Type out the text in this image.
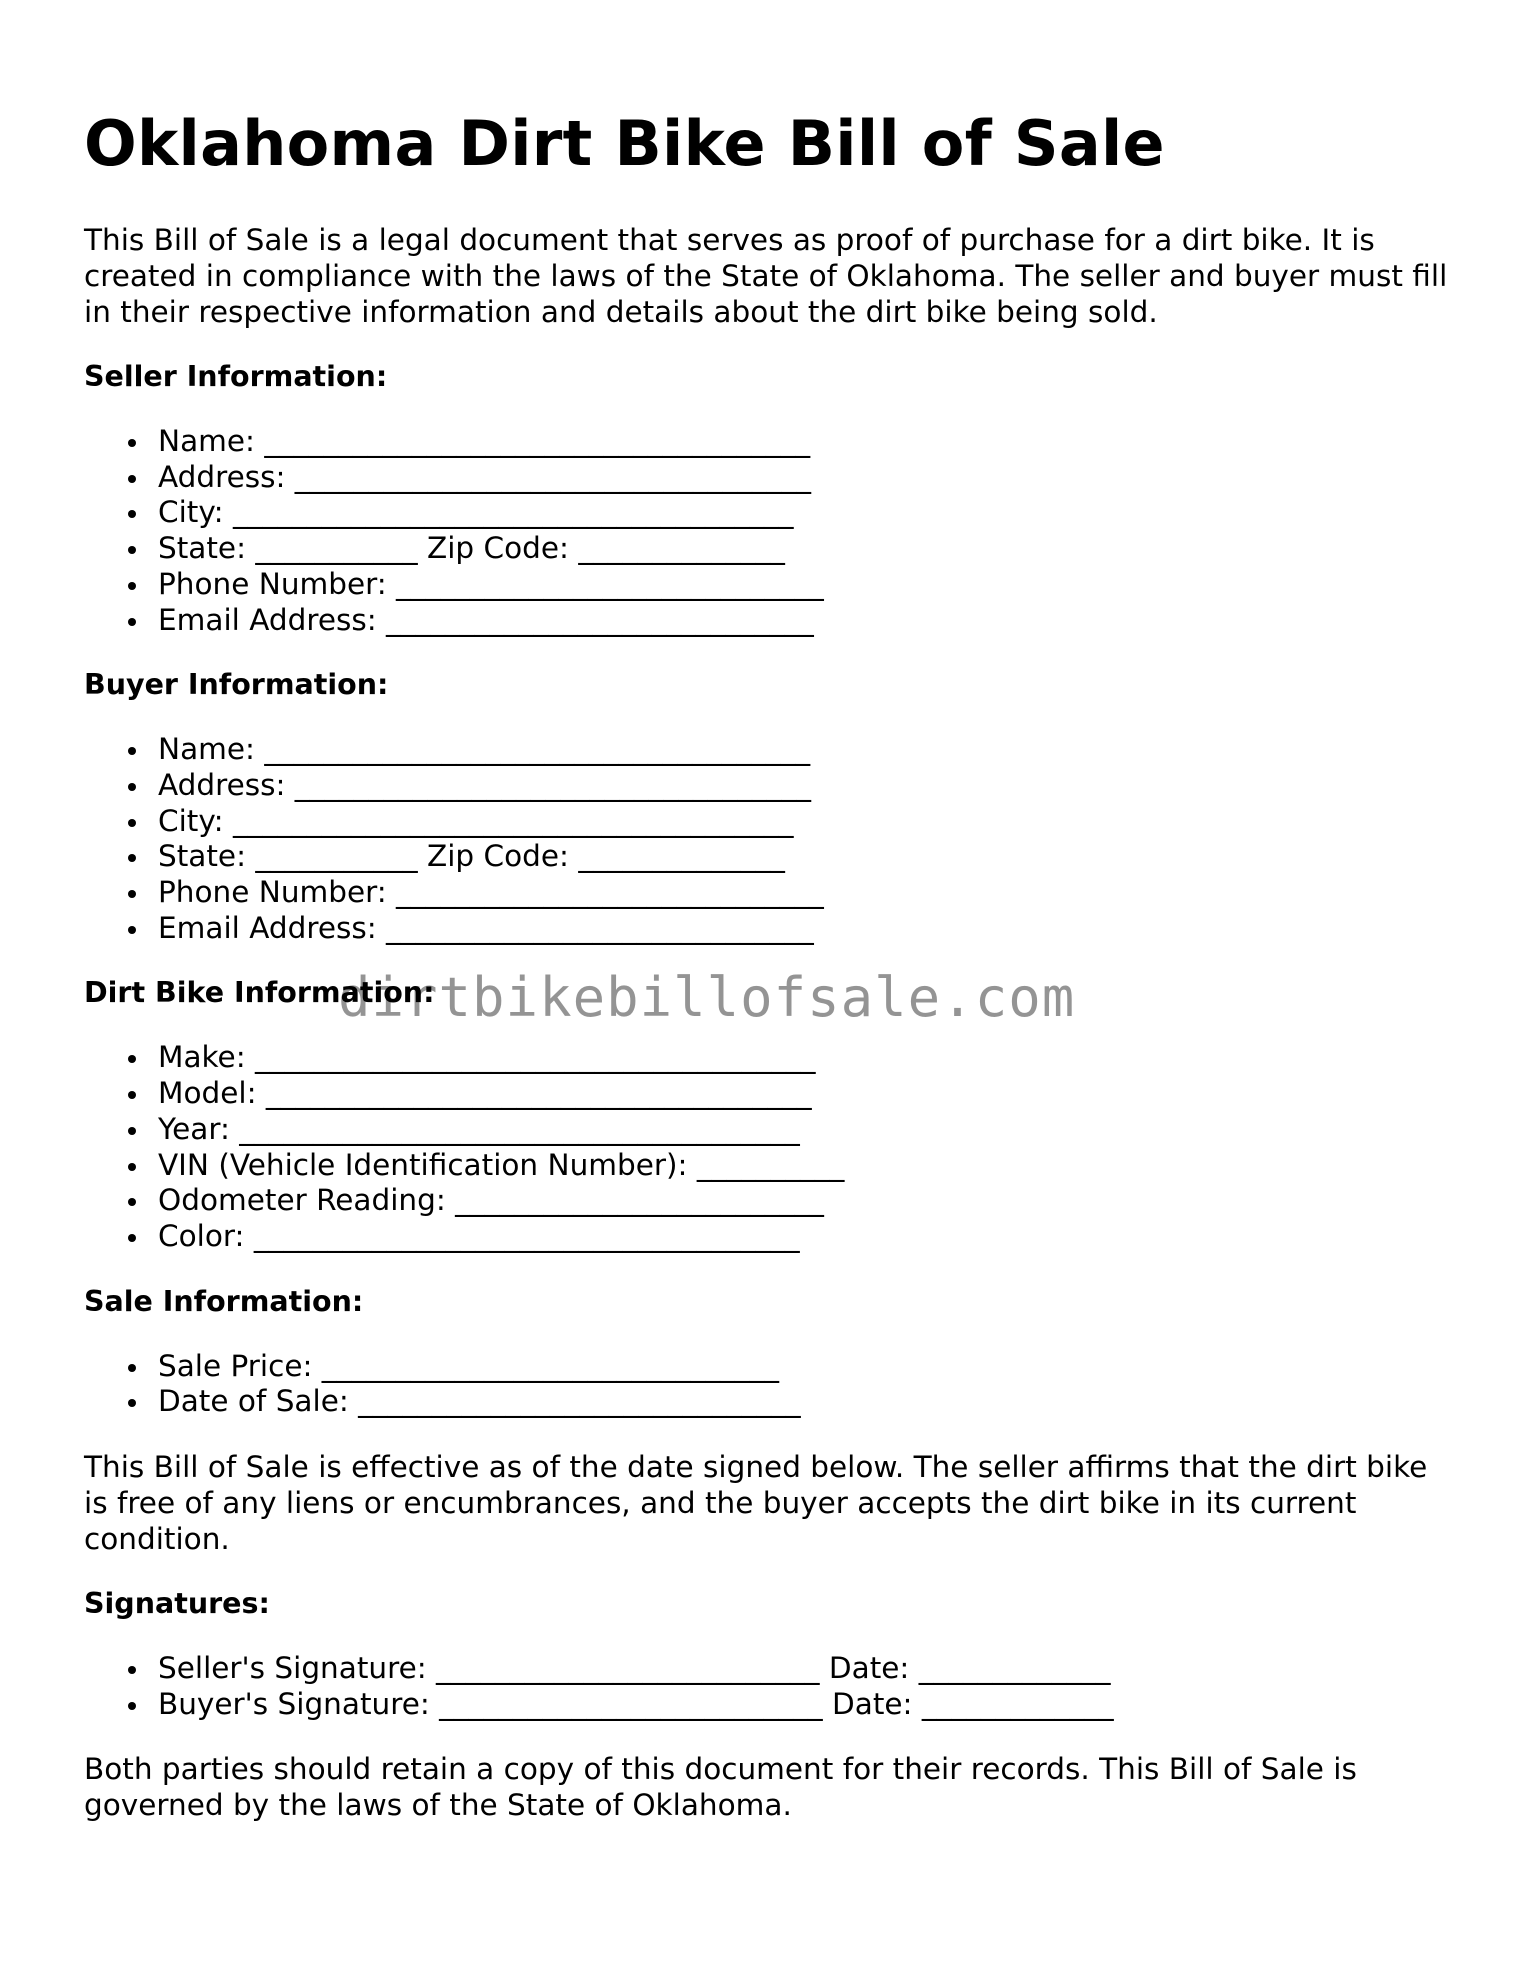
Oklahoma Dirt Bike Bill of Sale

This Bill of Sale is a legal document that serves as proof of purchase for a dirt bike. It is created in compliance with the laws of the State of Oklahoma. The seller and buyer must fill in their respective information and details about the dirt bike being sold.

Seller Information:
Name: _____________________________________
Address: ___________________________________
City: ______________________________________
State: ___________ Zip Code: ______________
Phone Number: _____________________________
Email Address: _____________________________
Buyer Information:
Name: _____________________________________
Address: ___________________________________
City: ______________________________________
State: ___________ Zip Code: ______________
Phone Number: _____________________________
Email Address: _____________________________
Dirt Bike Information:
Make: ______________________________________
Model: _____________________________________
Year: ______________________________________
VIN (Vehicle Identification Number): __________
Odometer Reading: _________________________
Color: _____________________________________
Sale Information:
Sale Price: _______________________________
Date of Sale: ______________________________

This Bill of Sale is effective as of the date signed below. The seller affirms that the dirt bike is free of any liens or encumbrances, and the buyer accepts the dirt bike in its current condition.

Signatures:
Seller's Signature: __________________________ Date: _____________
Buyer's Signature: __________________________ Date: _____________

Both parties should retain a copy of this document for their records. This Bill of Sale is governed by the laws of the State of Oklahoma.

dirtbikebillofsale.com
